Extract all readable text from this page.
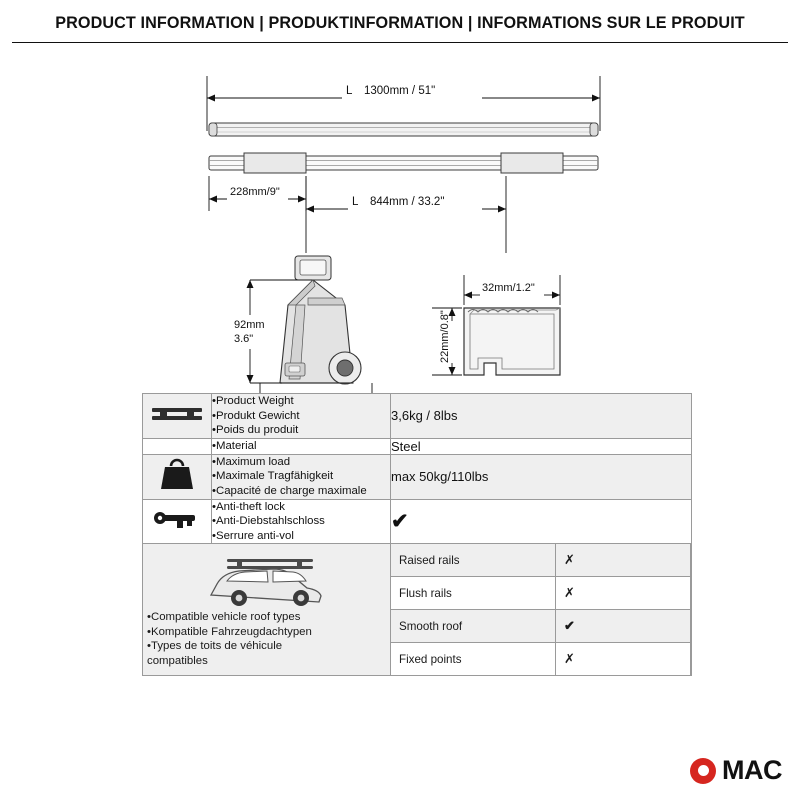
PRODUCT INFORMATION | PRODUKTINFORMATION | INFORMATIONS SUR LE PRODUIT
L 1300mm / 51"
228mm/9"
L 844mm / 33.2"
92mm
3.6"
104mm / 4"
32mm/1.2"
22mm/0.8"

•Product Weight
•Produkt Gewicht
•Poids du produit
	3,6kg / 8lbs

•Material	Steel

•Maximum load
•Maximale Tragfähigkeit
•Capacité de charge maximale
	max 50kg/110lbs

•Anti-theft lock
•Anti-Diebstahlschloss
•Serrure anti-vol
	✔

•Compatible vehicle roof types
•Kompatible Fahrzeugdachtypen
•Types de toits de véhicule
compatibles

Raised rails	✗
Flush rails	✗
Smooth roof	✔
Fixed points	✗
MAC
